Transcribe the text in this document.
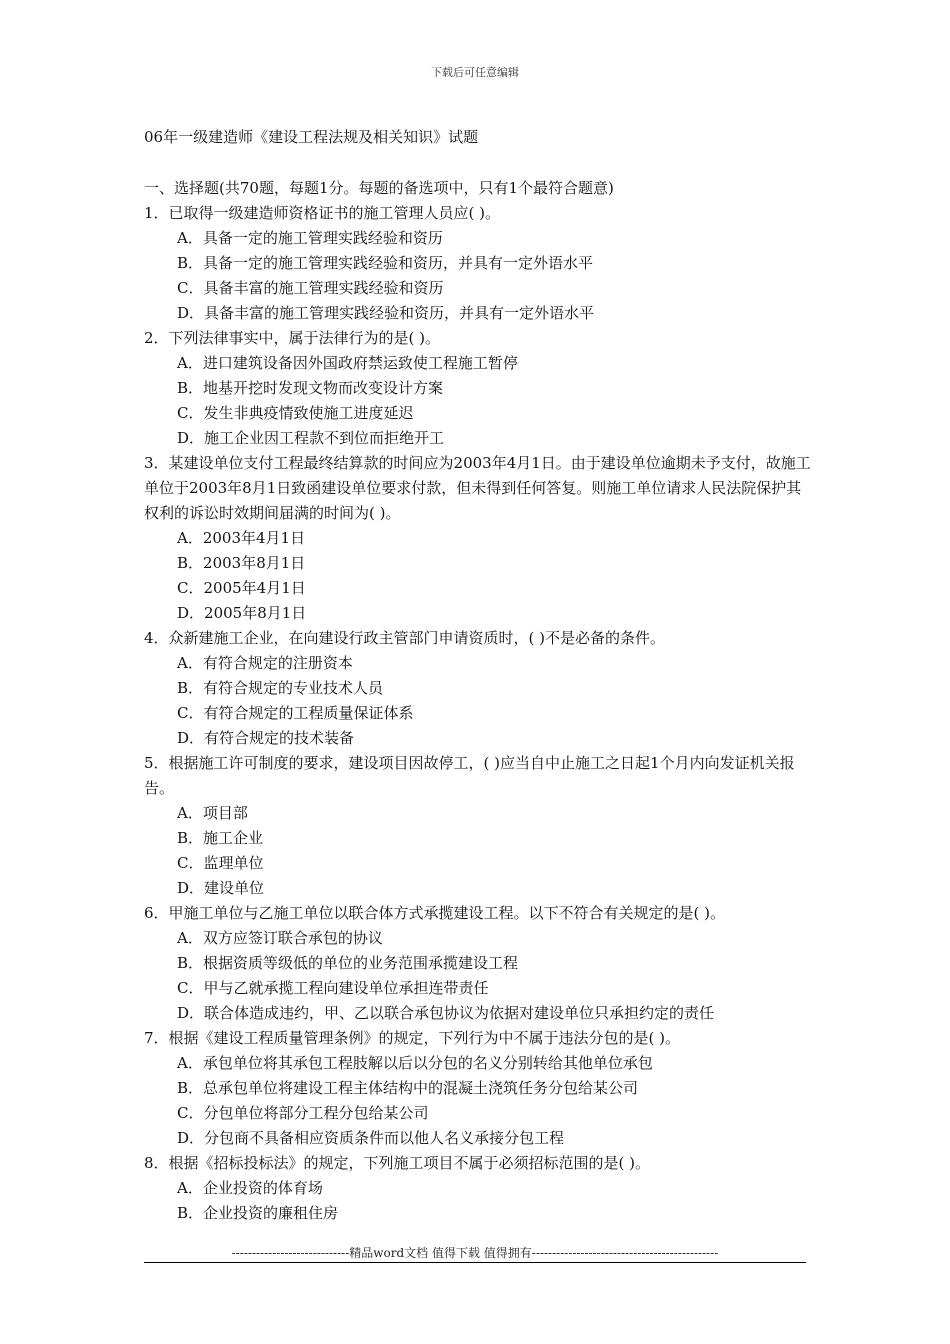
下载后可任意编辑
06年一级建造师《建设工程法规及相关知识》试题
一、选择题(共70题，每题1分。每题的备选项中，只有1个最符合题意)
1．已取得一级建造师资格证书的施工管理人员应( )。
A．具备一定的施工管理实践经验和资历
B．具备一定的施工管理实践经验和资历，并具有一定外语水平
C．具备丰富的施工管理实践经验和资历
D．具备丰富的施工管理实践经验和资历，并具有一定外语水平
2．下列法律事实中，属于法律行为的是( )。
A．进口建筑设备因外国政府禁运致使工程施工暂停
B．地基开挖时发现文物而改变设计方案
C．发生非典疫情致使施工进度延迟
D．施工企业因工程款不到位而拒绝开工
3．某建设单位支付工程最终结算款的时间应为2003年4月1日。由于建设单位逾期未予支付，故施工单位于2003年8月1日致函建设单位要求付款，但未得到任何答复。则施工单位请求人民法院保护其权利的诉讼时效期间届满的时间为( )。
A．2003年4月1日
B．2003年8月1日
C．2005年4月1日
D．2005年8月1日
4．众新建施工企业，在向建设行政主管部门申请资质时，( )不是必备的条件。
A．有符合规定的注册资本
B．有符合规定的专业技术人员
C．有符合规定的工程质量保证体系
D．有符合规定的技术装备
5．根据施工许可制度的要求，建设项目因故停工，( )应当自中止施工之日起1个月内向发证机关报告。
A．项目部
B．施工企业
C．监理单位
D．建设单位
6．甲施工单位与乙施工单位以联合体方式承揽建设工程。以下不符合有关规定的是( )。
A．双方应签订联合承包的协议
B．根据资质等级低的单位的业务范围承揽建设工程
C．甲与乙就承揽工程向建设单位承担连带责任
D．联合体造成违约，甲、乙以联合承包协议为依据对建设单位只承担约定的责任
7．根据《建设工程质量管理条例》的规定，下列行为中不属于违法分包的是( )。
A．承包单位将其承包工程肢解以后以分包的名义分别转给其他单位承包
B．总承包单位将建设工程主体结构中的混凝土浇筑任务分包给某公司
C．分包单位将部分工程分包给某公司
D．分包商不具备相应资质条件而以他人名义承接分包工程
8．根据《招标投标法》的规定，下列施工项目不属于必须招标范围的是( )。
A．企业投资的体育场
B．企业投资的廉租住房
-----------------------------精品word文档 值得下载 值得拥有----------------------------------------------
